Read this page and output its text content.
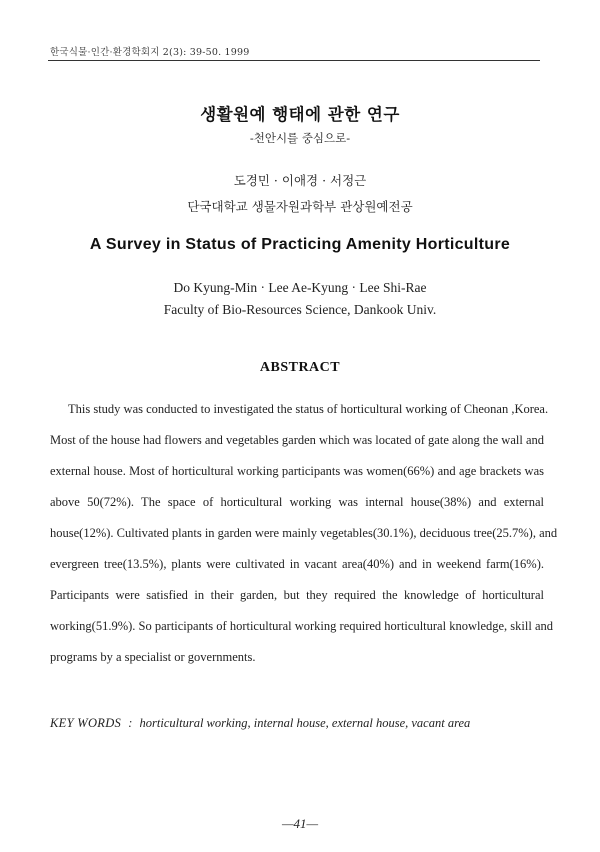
한국식물·인간·환경학회지 2(3): 39-50. 1999
생활원예 행태에 관한 연구
-천안시를 중심으로-
도경민 · 이애경 · 서정근
단국대학교 생물자원과학부 관상원예전공
A Survey in Status of Practicing Amenity Horticulture
Do Kyung-Min · Lee Ae-Kyung · Lee Shi-Rae
Faculty of Bio-Resources Science, Dankook Univ.
ABSTRACT
This study was conducted to investigated the status of horticultural working of Cheonan ,Korea.
Most of the house had flowers and vegetables garden which was located of gate along the wall and
external house. Most of horticultural working participants was women(66%) and age brackets was
above 50(72%). The space of horticultural working was internal house(38%) and external
house(12%). Cultivated plants in garden were mainly vegetables(30.1%), deciduous tree(25.7%), and
evergreen tree(13.5%), plants were cultivated in vacant area(40%) and in weekend farm(16%).
Participants were satisfied in their garden, but they required the knowledge of horticultural
working(51.9%). So participants of horticultural working required horticultural knowledge, skill and
programs by a specialist or governments.
KEY WORDS : horticultural working, internal house, external house, vacant area
—41—
